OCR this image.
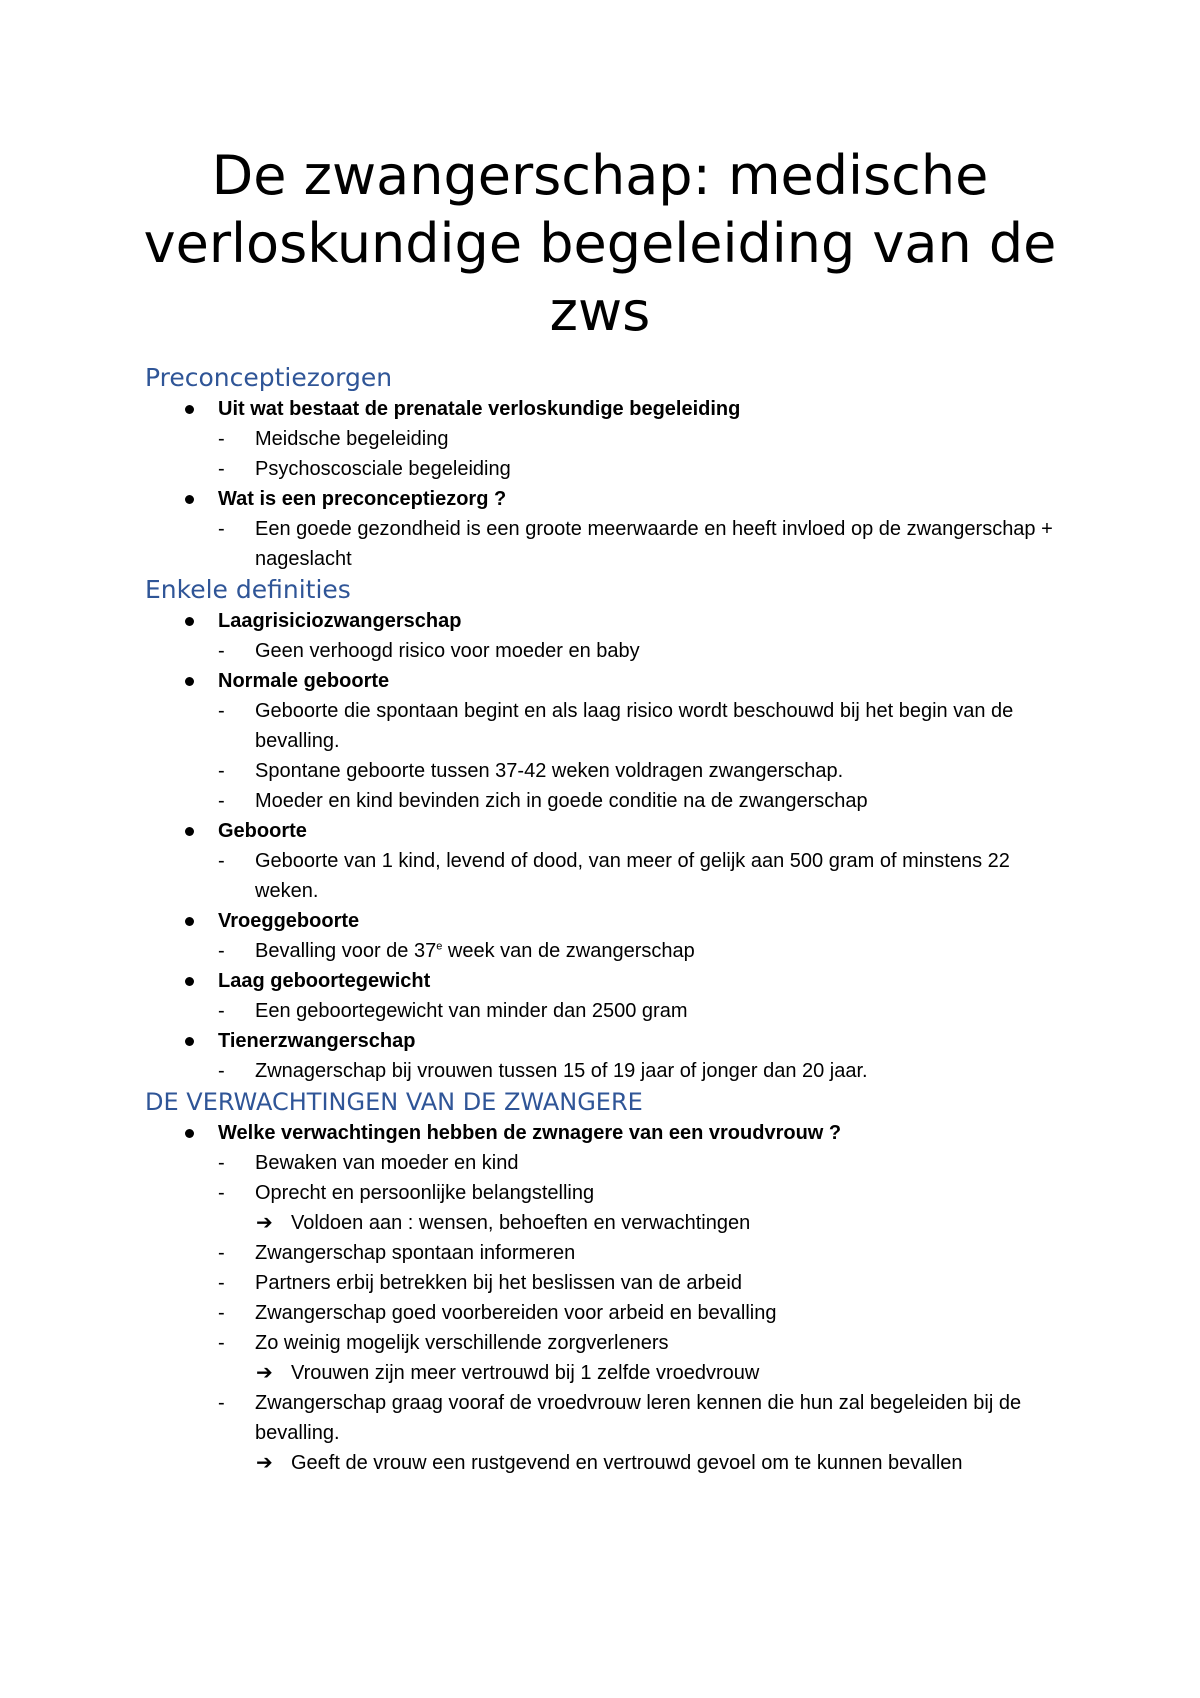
De zwangerschap: medische verloskundige begeleiding van de zws
Preconceptiezorgen
Uit wat bestaat de prenatale verloskundige begeleiding
- Meidsche begeleiding
- Psychoscosciale begeleiding
Wat is een preconceptiezorg ?
- Een goede gezondheid is een groote meerwaarde en heeft invloed op de zwangerschap + nageslacht
Enkele definities
Laagrisiciozwangerschap
- Geen verhoogd risico voor moeder en baby
Normale geboorte
- Geboorte die spontaan begint en als laag risico wordt beschouwd bij het begin van de bevalling.
- Spontane geboorte tussen 37-42 weken voldragen zwangerschap.
- Moeder en kind bevinden zich in goede conditie na de zwangerschap
Geboorte
- Geboorte van 1 kind, levend of dood, van meer of gelijk aan 500 gram of minstens 22 weken.
Vroeggeboorte
- Bevalling voor de 37e week van de zwangerschap
Laag geboortegewicht
- Een geboortegewicht van minder dan 2500 gram
Tienerzwangerschap
- Zwnagerschap bij vrouwen tussen 15 of 19 jaar of jonger dan 20 jaar.
DE VERWACHTINGEN VAN DE ZWANGERE
Welke verwachtingen hebben de zwnagere van een vroudvrouw ?
- Bewaken van moeder en kind
- Oprecht en persoonlijke belangstelling
➔ Voldoen aan : wensen, behoeften en verwachtingen
- Zwangerschap spontaan informeren
- Partners erbij betrekken bij het beslissen van de arbeid
- Zwangerschap goed voorbereiden voor arbeid en bevalling
- Zo weinig mogelijk verschillende zorgverleners
➔ Vrouwen zijn meer vertrouwd bij 1 zelfde vroedvrouw
- Zwangerschap graag vooraf de vroedvrouw leren kennen die hun zal begeleiden bij de bevalling.
➔ Geeft de vrouw een rustgevend en vertrouwd gevoel om te kunnen bevallen
